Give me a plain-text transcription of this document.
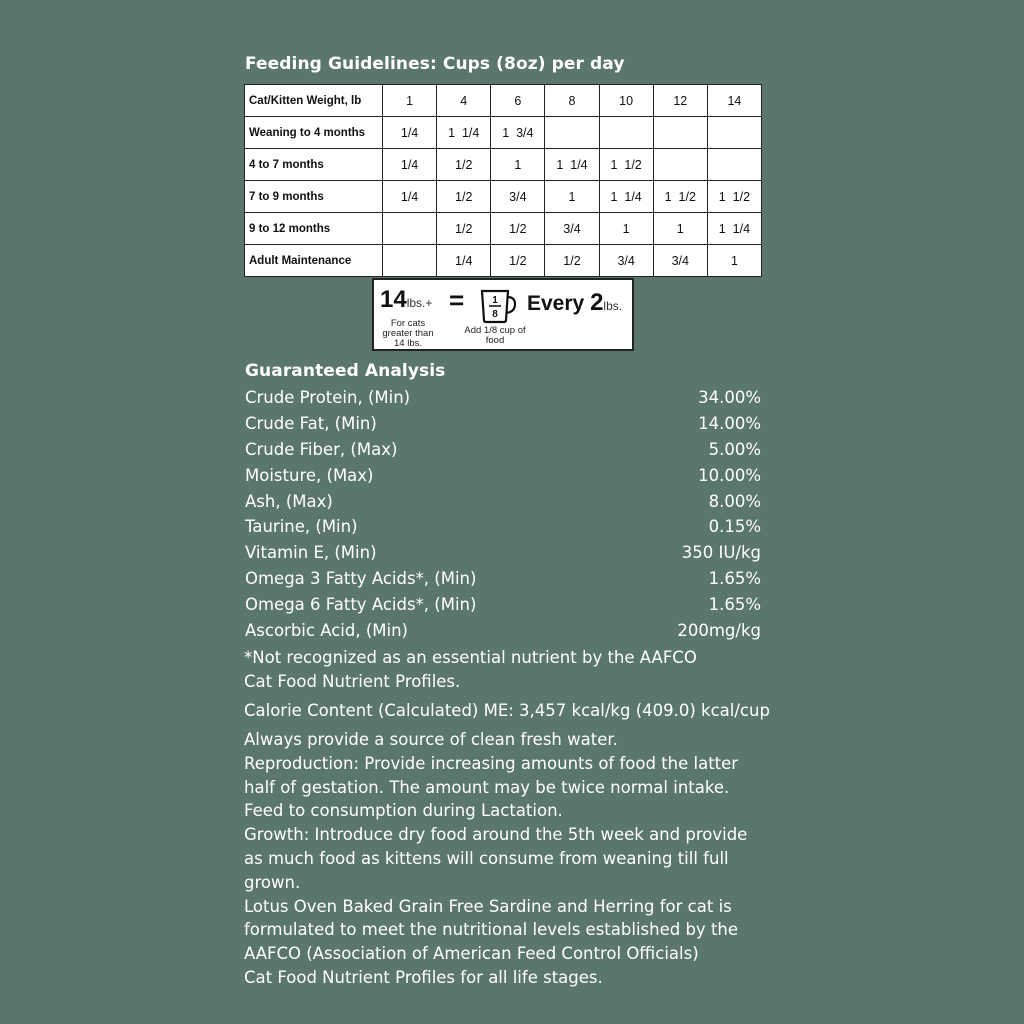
Feeding Guidelines: Cups (8oz) per day
Cat/Kitten Weight, lb	1	4	6	8	10	12	14
Weaning to 4 months	1/4	1  1/4	1  3/4				
4 to 7 months	1/4	1/2	1	1  1/4	1  1/2		
7 to 9 months	1/4	1/2	3/4	1	1  1/4	1  1/2	1  1/2
9 to 12 months		1/2	1/2	3/4	1	1	1  1/4
Adult Maintenance		1/4	1/2	1/2	3/4	3/4	1
14lbs.+
For cats greater than 14 lbs.
=	1
8
Add 1/8 cup of food
Every 2lbs.
Guaranteed Analysis
Crude Protein, (Min)	34.00%
Crude Fat, (Min)	14.00%
Crude Fiber, (Max)	5.00%
Moisture, (Max)	10.00%
Ash, (Max)	8.00%
Taurine, (Min)	0.15%
Vitamin E, (Min)	350 IU/kg
Omega 3 Fatty Acids*, (Min)	1.65%
Omega 6 Fatty Acids*, (Min)	1.65%
Ascorbic Acid, (Min)	200mg/kg
*Not recognized as an essential nutrient by the AAFCO
Cat Food Nutrient Profiles.
Calorie Content (Calculated) ME: 3,457 kcal/kg (409.0) kcal/cup
Always provide a source of clean fresh water.
Reproduction: Provide increasing amounts of food the latter
half of gestation. The amount may be twice normal intake.
Feed to consumption during Lactation.
Growth: Introduce dry food around the 5th week and provide
as much food as kittens will consume from weaning till full
grown.
Lotus Oven Baked Grain Free Sardine and Herring for cat is
formulated to meet the nutritional levels established by the
AAFCO (Association of American Feed Control Officials)
Cat Food Nutrient Profiles for all life stages.
